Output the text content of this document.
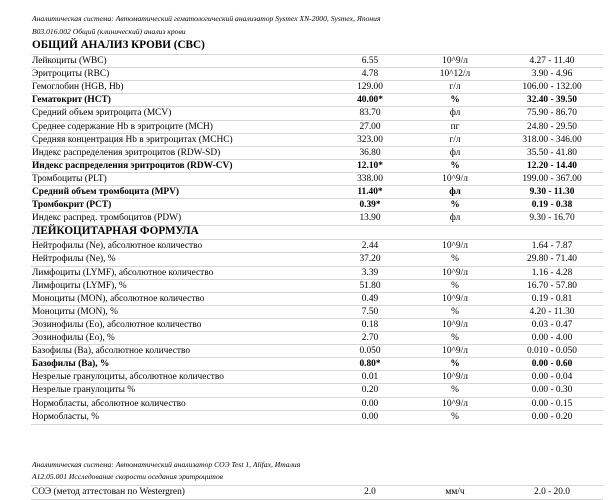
Аналитическая система: Автоматический гематологический анализатор Sysmex XN-2000, Sysmex, Япония
B03.016.002 Общий (клинический) анализ крови
ОБЩИЙ АНАЛИЗ КРОВИ (CBC)
Лейкоциты (WBC)	6.55	10^9/л	4.27 - 11.40
Эритроциты (RBC)	4.78	10^12/л	3.90 - 4.96
Гемоглобин (HGB, Hb)	129.00	г/л	106.00 - 132.00
Гематокрит (HCT)	40.00*	%	32.40 - 39.50
Средний объем эритроцита (MCV)	83.70	фл	75.90 - 86.70
Среднее содержание Hb в эритроците (MCH)	27.00	пг	24.80 - 29.50
Средняя концентрация Hb в эритроцитах (MCHC)	323.00	г/л	318.00 - 346.00
Индекс распределения эритроцитов (RDW-SD)	36.80	фл	35.50 - 41.80
Индекс распределения эритроцитов (RDW-CV)	12.10*	%	12.20 - 14.40
Тромбоциты (PLT)	338.00	10^9/л	199.00 - 367.00
Средний объем тромбоцита (MPV)	11.40*	фл	9.30 - 11.30
Тромбокрит (PCT)	0.39*	%	0.19 - 0.38
Индекс распред. тромбоцитов (PDW)	13.90	фл	9.30 - 16.70
ЛЕЙКОЦИТАРНАЯ ФОРМУЛА
Нейтрофилы (Ne), абсолютное количество	2.44	10^9/л	1.64 - 7.87
Нейтрофилы (Ne), %	37.20	%	29.80 - 71.40
Лимфоциты (LYMF), абсолютное количество	3.39	10^9/л	1.16 - 4.28
Лимфоциты (LYMF), %	51.80	%	16.70 - 57.80
Моноциты (MON), абсолютное количество	0.49	10^9/л	0.19 - 0.81
Моноциты (MON), %	7.50	%	4.20 - 11.30
Эозинофилы (Eo), абсолютное количество	0.18	10^9/л	0.03 - 0.47
Эозинофилы (Eo), %	2.70	%	0.00 - 4.00
Базофилы (Ba), абсолютное количество	0.050	10^9/л	0.010 - 0.050
Базофилы (Ba), %	0.80*	%	0.00 - 0.60
Незрелые гранулоциты, абсолютное количество	0.01	10^9/л	0.00 - 0.04
Незрелые гранулоциты %	0.20	%	0.00 - 0.30
Нормобласты, абсолютное количество	0.00	10^9/л	0.00 - 0.15
Нормобласты, %	0.00	%	0.00 - 0.20
Аналитическая система: Автоматический анализатор СОЭ Test 1, Alifax, Италия
A12.05.001 Исследование скорости оседания эритроцитов
СОЭ (метод аттестован по Westergren)	2.0	мм/ч	2.0 - 20.0
